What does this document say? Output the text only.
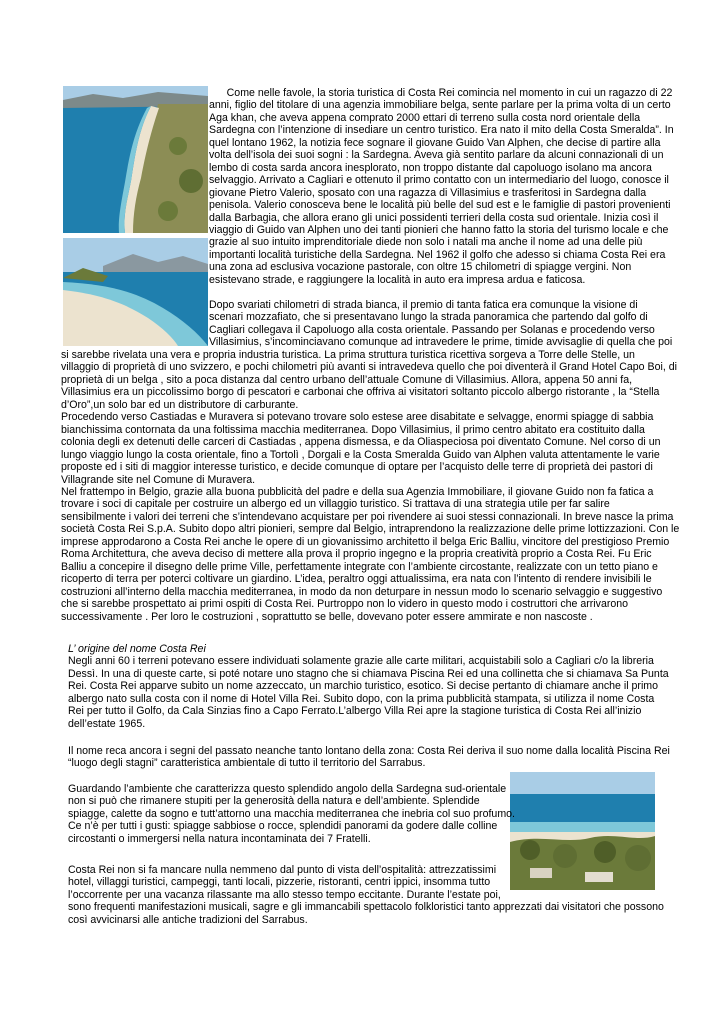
Come nelle favole, la storia turistica di Costa Rei comincia nel momento in cui un ragazzo di 22
anni, figlio del titolare di una agenzia immobiliare belga, sente parlare per la prima volta di un certo
Aga khan, che aveva appena comprato 2000 ettari di terreno sulla costa nord orientale della
Sardegna con l’intenzione di insediare un centro turistico. Era nato il mito della Costa Smeralda”. In
quel lontano 1962, la notizia fece sognare il giovane Guido Van Alphen, che decise di partire alla
volta dell’isola dei suoi sogni : la Sardegna. Aveva già sentito parlare da alcuni connazionali di un
lembo di costa sarda ancora inesplorato, non troppo distante dal capoluogo isolano ma ancora
selvaggio. Arrivato a Cagliari e ottenuto il primo contatto con un intermediario del luogo, conosce il
giovane Pietro Valerio, sposato con una ragazza di Villasimius e trasferitosi in Sardegna dalla
penisola. Valerio conosceva bene le località più belle del sud est e le famiglie di pastori provenienti
dalla Barbagia, che allora erano gli unici possidenti terrieri della costa sud orientale. Inizia così il
viaggio di Guido van Alphen uno dei tanti pionieri che hanno fatto la storia del turismo locale e che
grazie al suo intuito imprenditoriale diede non solo i natali ma anche il nome ad una delle più
importanti località turistiche della Sardegna. Nel 1962 il golfo che adesso si chiama Costa Rei era
una zona ad esclusiva vocazione pastorale, con oltre 15 chilometri di spiagge vergini. Non
esistevano strade, e raggiungere la località in auto era impresa ardua e faticosa.
Dopo svariati chilometri di strada bianca, il premio di tanta fatica era comunque la visione di
scenari mozzafiato, che si presentavano lungo la strada panoramica che partendo dal golfo di
Cagliari collegava il Capoluogo alla costa orientale. Passando per Solanas e procedendo verso
Villasimius, s’incominciavano comunque ad intravedere le prime, timide avvisaglie di quella che poi
si sarebbe rivelata una vera e propria industria turistica. La prima struttura turistica ricettiva sorgeva a Torre delle Stelle, un
villaggio di proprietà di uno svizzero, e pochi chilometri più avanti si intravedeva quello che poi diventerà il Grand Hotel Capo Boi, di
proprietà di un belga , sito a poca distanza dal centro urbano dell’attuale Comune di Villasimius. Allora, appena 50 anni fa,
Villasimius era un piccolissimo borgo di pescatori e carbonai che offriva ai visitatori soltanto piccolo albergo ristorante , la “Stella
d’Oro”,un solo bar ed un distributore di carburante.
Procedendo verso Castiadas e Muravera si potevano trovare solo estese aree disabitate e selvagge, enormi spiagge di sabbia
bianchissima contornata da una foltissima macchia mediterranea. Dopo Villasimius, il primo centro abitato era costituito dalla
colonia degli ex detenuti delle carceri di Castiadas , appena dismessa, e da Oliaspeciosa poi diventato Comune. Nel corso di un
lungo viaggio lungo la costa orientale, fino a Tortolì , Dorgali e la Costa Smeralda Guido van Alphen valuta attentamente le varie
proposte ed i siti di maggior interesse turistico, e decide comunque di optare per l’acquisto delle terre di proprietà dei pastori di
Villagrande site nel Comune di Muravera.
Nel frattempo in Belgio, grazie alla buona pubblicità del padre e della sua Agenzia Immobiliare, il giovane Guido non fa fatica a
trovare i soci di capitale per costruire un albergo ed un villaggio turistico. Si trattava di una strategia utile per far salire
sensibilmente i valori dei terreni che s’intendevano acquistare per poi rivendere ai suoi stessi connazionali. In breve nasce la prima
società Costa Rei S.p.A. Subito dopo altri pionieri, sempre dal Belgio, intraprendono la realizzazione delle prime lottizzazioni. Con le
imprese approdarono a Costa Rei anche le opere di un giovanissimo architetto il belga Eric Balliu, vincitore del prestigioso Premio
Roma Architettura, che aveva deciso di mettere alla prova il proprio ingegno e la propria creatività proprio a Costa Rei. Fu Eric
Balliu a concepire il disegno delle prime Ville, perfettamente integrate con l’ambiente circostante, realizzate con un tetto piano e
ricoperto di terra per poterci coltivare un giardino. L’idea, peraltro oggi attualissima, era nata con l’intento di rendere invisibili le
costruzioni all’interno della macchia mediterranea, in modo da non deturpare in nessun modo lo scenario selvaggio e suggestivo
che si sarebbe prospettato ai primi ospiti di Costa Rei. Purtroppo non lo videro in questo modo i costruttori che arrivarono
successivamente . Per loro le costruzioni , soprattutto se belle, dovevano poter essere ammirate e non nascoste .
L’ origine del nome Costa Rei
Negli anni 60 i terreni potevano essere individuati solamente grazie alle carte militari, acquistabili solo a Cagliari c/o la libreria
Dessì. In una di queste carte, si poté notare uno stagno che si chiamava Piscina Rei ed una collinetta che si chiamava Sa Punta
Rei. Costa Rei apparve subito un nome azzeccato, un marchio turistico, esotico. Si decise pertanto di chiamare anche il primo
albergo nato sulla costa con il nome di Hotel Villa Rei. Subito dopo, con la prima pubblicità stampata, si utilizza il nome Costa
Rei per tutto il Golfo, da Cala Sinzias fino a Capo Ferrato.L’albergo Villa Rei apre la stagione turistica di Costa Rei all’inizio
dell’estate 1965.
Il nome reca ancora i segni del passato neanche tanto lontano della zona: Costa Rei deriva il suo nome dalla località Piscina Rei
“luogo degli stagni” caratteristica ambientale di tutto il territorio del Sarrabus.
Guardando l’ambiente che caratterizza questo splendido angolo della Sardegna sud-orientale
non si può che rimanere stupiti per la generosità della natura e dell’ambiente. Splendide
spiagge, calette da sogno e tutt’attorno una macchia mediterranea che inebria col suo profumo.
Ce n’è per tutti i gusti: spiagge sabbiose o rocce, splendidi panorami da godere dalle colline
circostanti o immergersi nella natura incontaminata dei 7 Fratelli.
Costa Rei non si fa mancare nulla nemmeno dal punto di vista dell’ospitalità: attrezzatissimi
hotel, villaggi turistici, campeggi, tanti locali, pizzerie, ristoranti, centri ippici, insomma tutto
l’occorrente per una vacanza rilassante ma allo stesso tempo eccitante. Durante l’estate poi,
sono frequenti manifestazioni musicali, sagre e gli immancabili spettacolo folkloristici tanto apprezzati dai visitatori che possono
così avvicinarsi alle antiche tradizioni del Sarrabus.
